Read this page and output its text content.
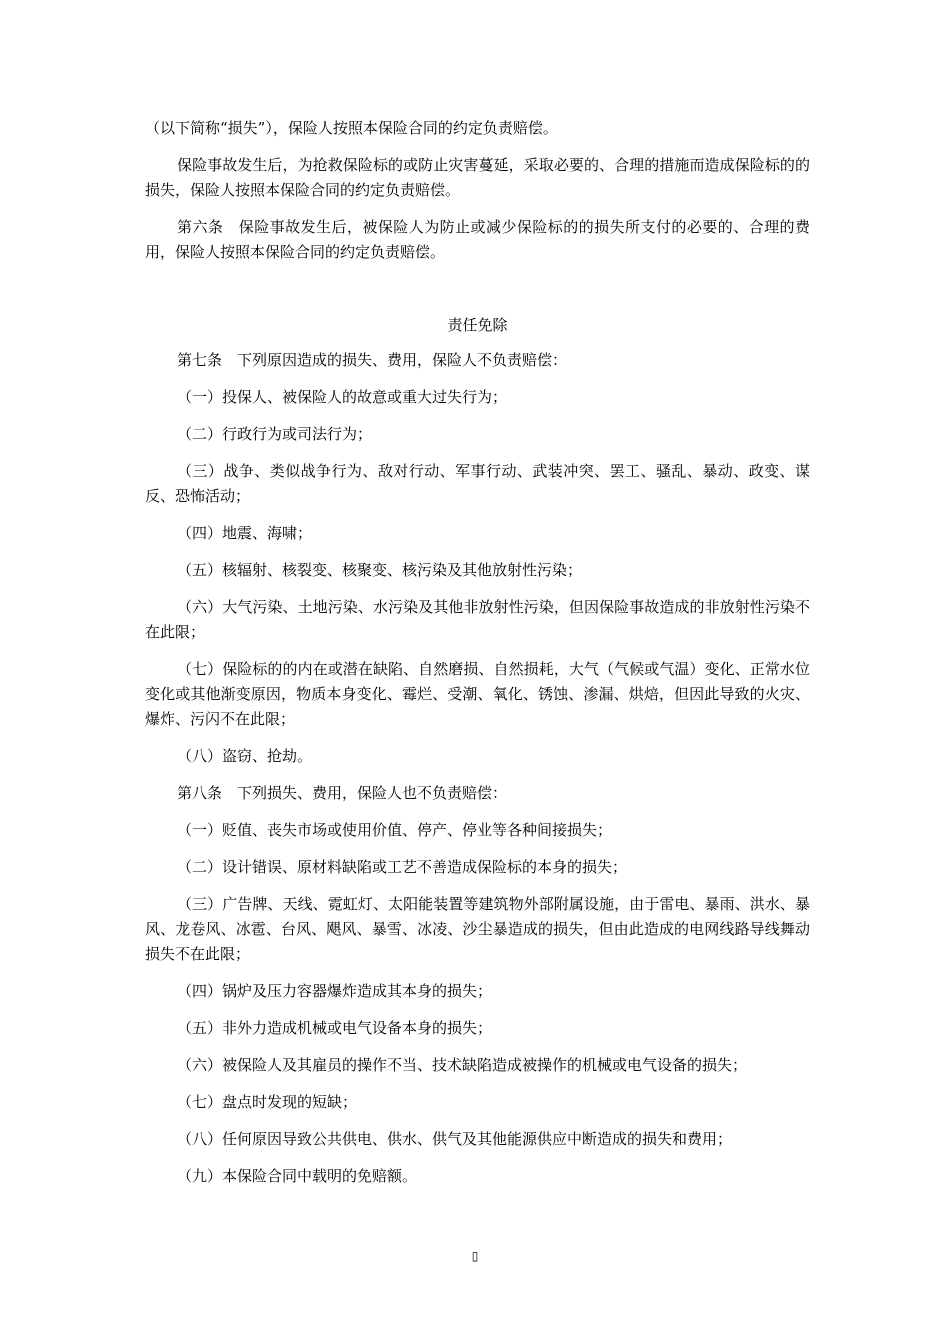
（以下简称“损失”），保险人按照本保险合同的约定负责赔偿。

保险事故发生后，为抢救保险标的或防止灾害蔓延，采取必要的、合理的措施而造成保险标的的损失，保险人按照本保险合同的约定负责赔偿。

第六条　保险事故发生后，被保险人为防止或减少保险标的的损失所支付的必要的、合理的费用，保险人按照本保险合同的约定负责赔偿。

责任免除

第七条　下列原因造成的损失、费用，保险人不负责赔偿：

（一）投保人、被保险人的故意或重大过失行为；

（二）行政行为或司法行为；

（三）战争、类似战争行为、敌对行动、军事行动、武装冲突、罢工、骚乱、暴动、政变、谋反、恐怖活动；

（四）地震、海啸；

（五）核辐射、核裂变、核聚变、核污染及其他放射性污染；

（六）大气污染、土地污染、水污染及其他非放射性污染，但因保险事故造成的非放射性污染不在此限；

（七）保险标的的内在或潜在缺陷、自然磨损、自然损耗，大气（气候或气温）变化、正常水位变化或其他渐变原因，物质本身变化、霉烂、受潮、氧化、锈蚀、渗漏、烘焙，但因此导致的火灾、爆炸、污闪不在此限；

（八）盗窃、抢劫。

第八条　下列损失、费用，保险人也不负责赔偿：

（一）贬值、丧失市场或使用价值、停产、停业等各种间接损失；

（二）设计错误、原材料缺陷或工艺不善造成保险标的本身的损失；

（三）广告牌、天线、霓虹灯、太阳能装置等建筑物外部附属设施，由于雷电、暴雨、洪水、暴风、龙卷风、冰雹、台风、飓风、暴雪、冰凌、沙尘暴造成的损失，但由此造成的电网线路导线舞动损失不在此限；

（四）锅炉及压力容器爆炸造成其本身的损失；

（五）非外力造成机械或电气设备本身的损失；

（六）被保险人及其雇员的操作不当、技术缺陷造成被操作的机械或电气设备的损失；

（七）盘点时发现的短缺；

（八）任何原因导致公共供电、供水、供气及其他能源供应中断造成的损失和费用；

（九）本保险合同中载明的免赔额。

▯
